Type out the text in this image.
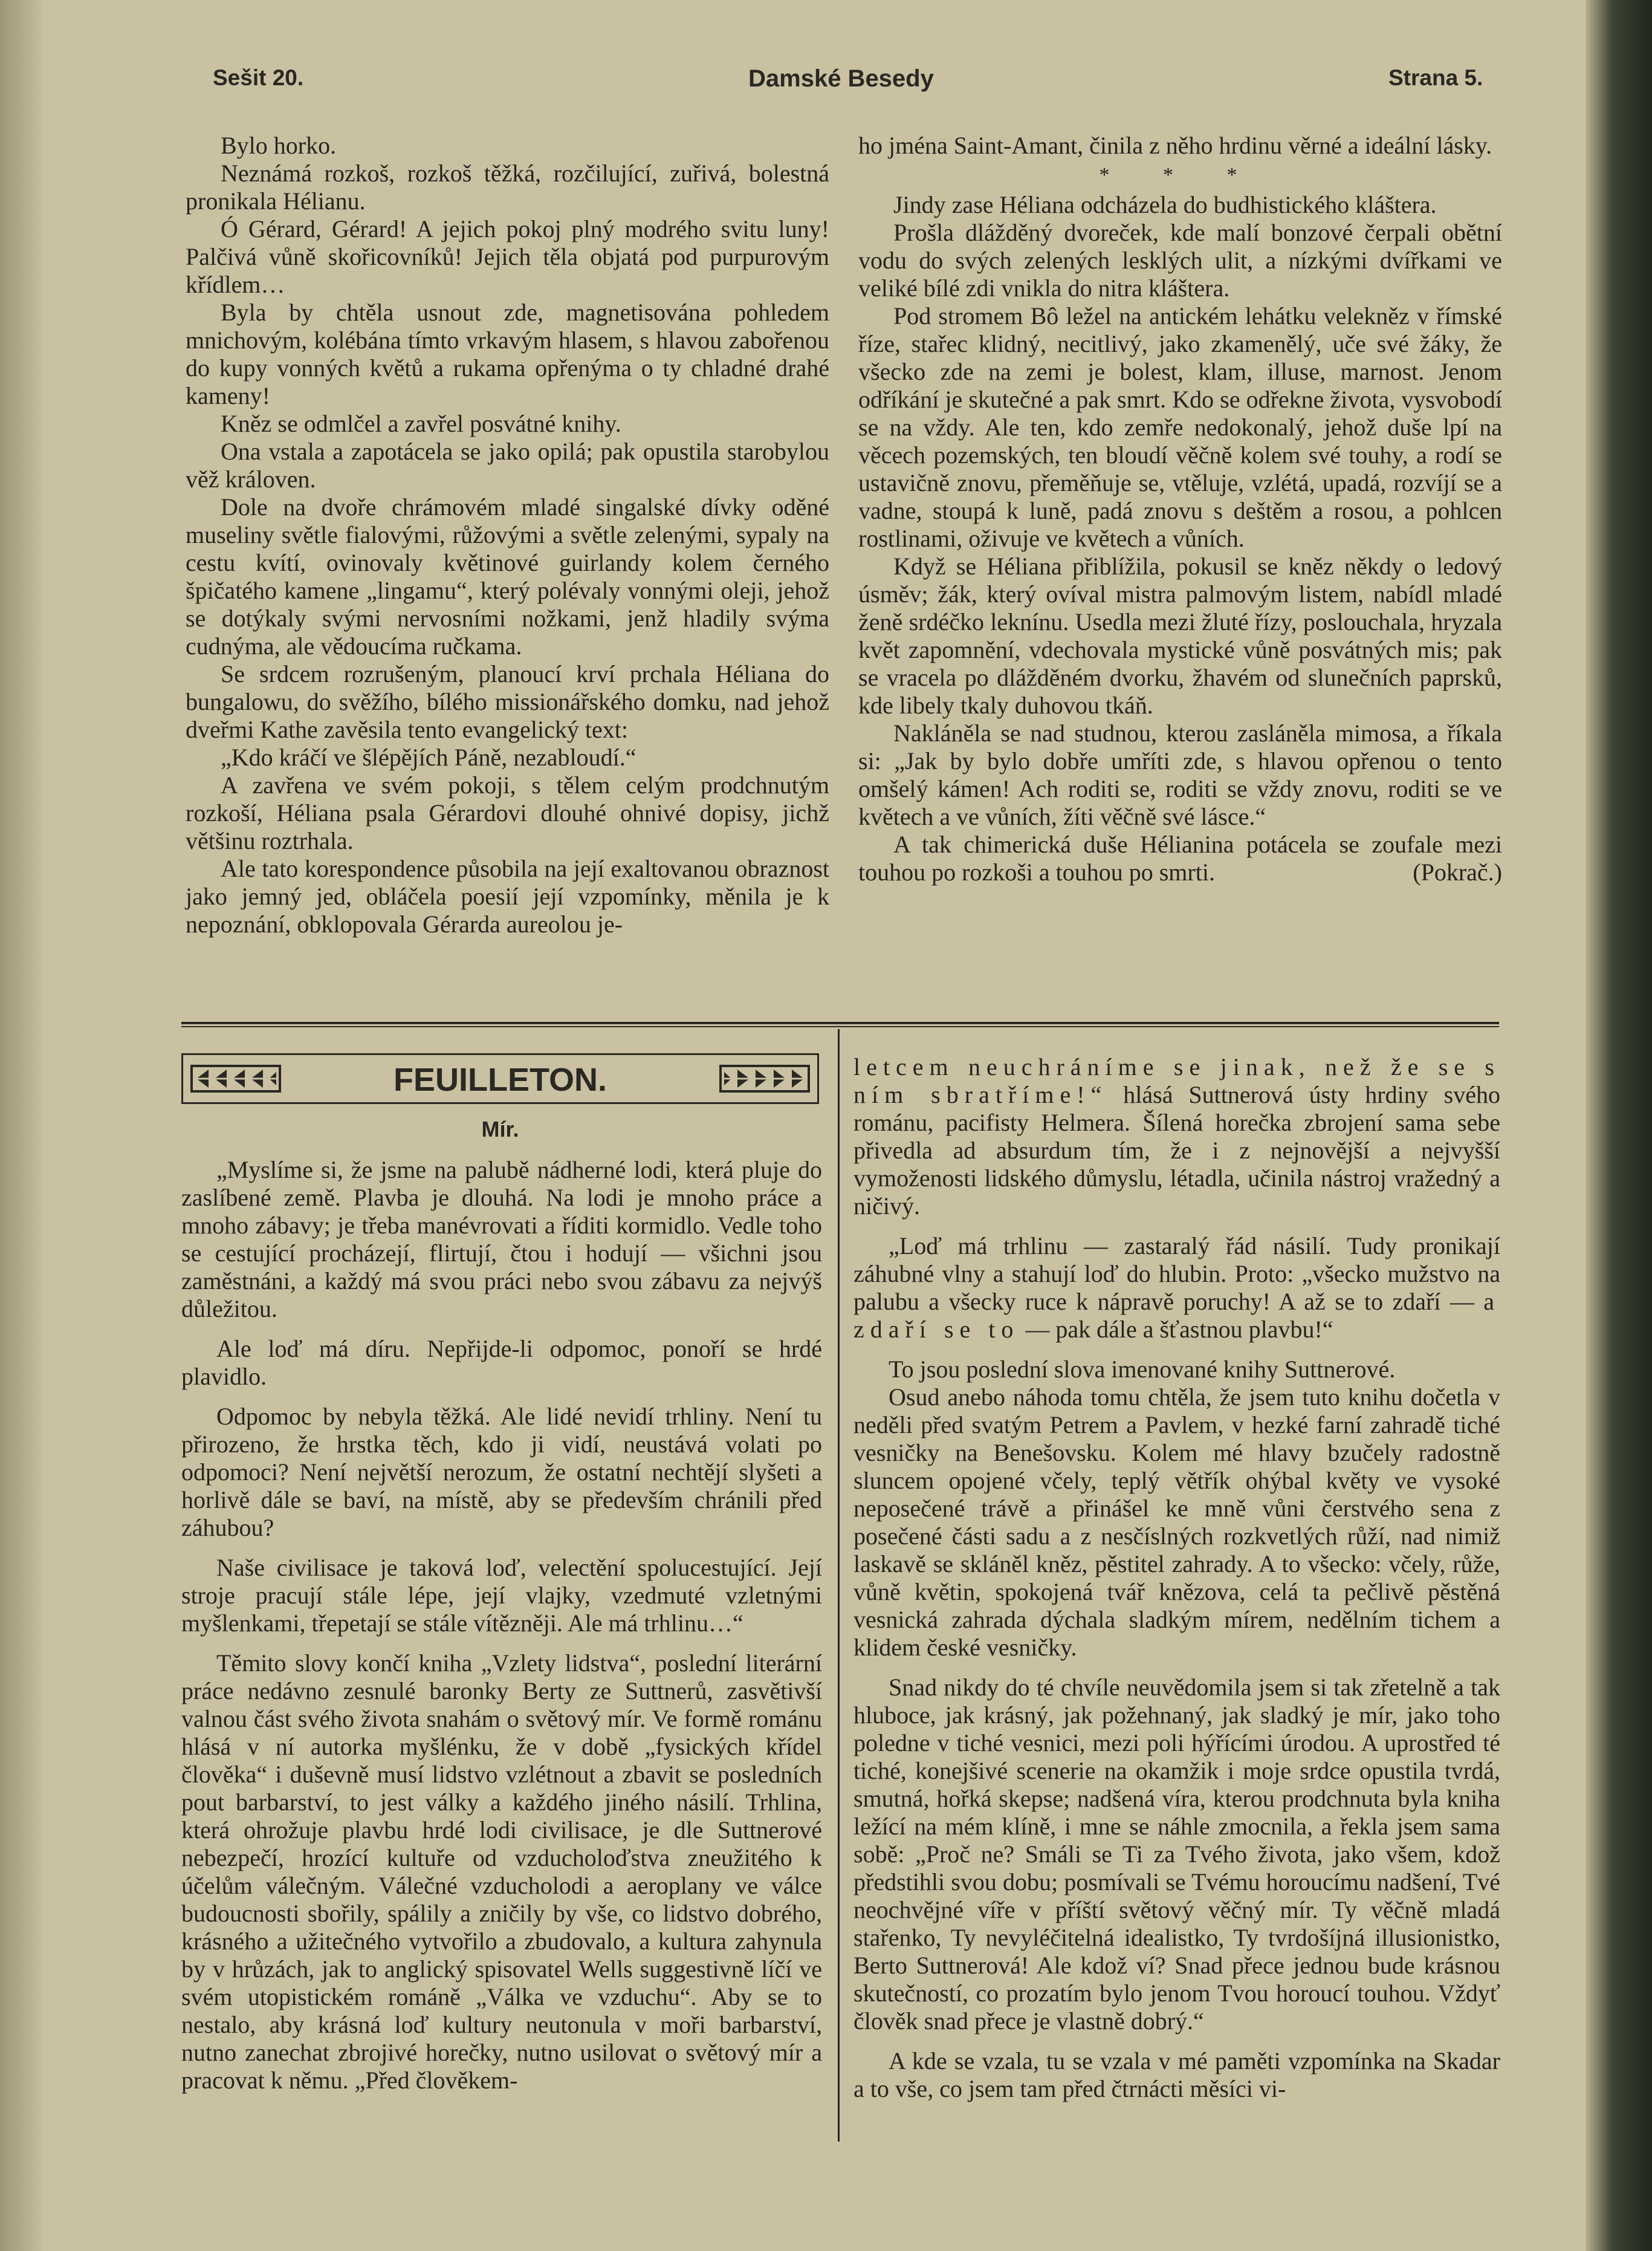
Sešit 20.	Damské Besedy	Strana 5.

Bylo horko.

Neznámá rozkoš, rozkoš těžká, rozčilující, zuřivá, bolestná pronikala Hélianu.

Ó Gérard, Gérard! A jejich pokoj plný modrého svitu luny! Palčivá vůně skořicovníků! Jejich těla objatá pod purpurovým křídlem…

Byla by chtěla usnout zde, magnetisována pohledem mnichovým, kolébána tímto vrkavým hlasem, s hlavou zabořenou do kupy vonných květů a rukama opřenýma o ty chladné drahé kameny!

Kněz se odmlčel a zavřel posvátné knihy.

Ona vstala a zapotácela se jako opilá; pak opustila starobylou věž královen.

Dole na dvoře chrámovém mladé singalské dívky oděné museliny světle fialovými, růžovými a světle zelenými, sypaly na cestu kvítí, ovinovaly květinové guirlandy kolem černého špičatého kamene „lingamu“, který polévaly vonnými oleji, jehož se dotýkaly svými nervosními nožkami, jenž hladily svýma cudnýma, ale vědoucíma ručkama.

Se srdcem rozrušeným, planoucí krví prchala Héliana do bungalowu, do svěžího, bílého missionářského domku, nad jehož dveřmi Kathe zavěsila tento evangelický text:

„Kdo kráčí ve šlépějích Páně, nezabloudí.“

A zavřena ve svém pokoji, s tělem celým prodchnutým rozkoší, Héliana psala Gérardovi dlouhé ohnivé dopisy, jichž většinu roztrhala.

Ale tato korespondence působila na její exaltovanou obraznost jako jemný jed, obláčela poesií její vzpomínky, měnila je k nepoznání, obklopovala Gérarda aureolou je-

ho jména Saint-Amant, činila z něho hrdinu věrné a ideální lásky.

* * *

Jindy zase Héliana odcházela do budhistického kláštera.

Prošla dlážděný dvoreček, kde malí bonzové čerpali obětní vodu do svých zelených lesklých ulit, a nízkými dvířkami ve veliké bílé zdi vnikla do nitra kláštera.

Pod stromem Bô ležel na antickém lehátku velekněz v římské říze, stařec klidný, necitlivý, jako zkamenělý, uče své žáky, že všecko zde na zemi je bolest, klam, illuse, marnost. Jenom odříkání je skutečné a pak smrt. Kdo se odřekne života, vysvobodí se na vždy. Ale ten, kdo zemře nedokonalý, jehož duše lpí na věcech pozemských, ten bloudí věčně kolem své touhy, a rodí se ustavičně znovu, přeměňuje se, vtěluje, vzlétá, upadá, rozvíjí se a vadne, stoupá k luně, padá znovu s deštěm a rosou, a pohlcen rostlinami, oživuje ve květech a vůních.

Když se Héliana přiblížila, pokusil se kněz někdy o ledový úsměv; žák, který ovíval mistra palmovým listem, nabídl mladé ženě srdéčko leknínu. Usedla mezi žluté řízy, poslouchala, hryzala květ zapomnění, vdechovala mystické vůně posvátných mis; pak se vracela po dlážděném dvorku, žhavém od slunečních paprsků, kde libely tkaly duhovou tkáň.

Nakláněla se nad studnou, kterou zasláněla mimosa, a říkala si: „Jak by bylo dobře umříti zde, s hlavou opřenou o tento omšelý kámen! Ach roditi se, roditi se vždy znovu, roditi se ve květech a ve vůních, žíti věčně své lásce.“

A tak chimerická duše Hélianina potácela se zoufale mezi touhou po rozkoši a touhou po smrti.	(Pokrač.)

FEUILLETON.
Mír.

„Myslíme si, že jsme na palubě nádherné lodi, která pluje do zaslíbené země. Plavba je dlouhá. Na lodi je mnoho práce a mnoho zábavy; je třeba manévrovati a říditi kormidlo. Vedle toho se cestující procházejí, flirtují, čtou i hodují — všichni jsou zaměstnáni, a každý má svou práci nebo svou zábavu za nejvýš důležitou.

Ale loď má díru. Nepřijde-li odpomoc, ponoří se hrdé plavidlo.

Odpomoc by nebyla těžká. Ale lidé nevidí trhliny. Není tu přirozeno, že hrstka těch, kdo ji vidí, neustává volati po odpomoci? Není největší nerozum, že ostatní nechtějí slyšeti a horlivě dále se baví, na místě, aby se především chránili před záhubou?

Naše civilisace je taková loď, velectění spolucestující. Její stroje pracují stále lépe, její vlajky, vzedmuté vzletnými myšlenkami, třepetají se stále vítězněji. Ale má trhlinu…“

Těmito slovy končí kniha „Vzlety lidstva“, poslední literární práce nedávno zesnulé baronky Berty ze Suttnerů, zasvětivší valnou část svého života snahám o světový mír. Ve formě románu hlásá v ní autorka myšlénku, že v době „fysických křídel člověka“ i duševně musí lidstvo vzlétnout a zbavit se posledních pout barbarství, to jest války a každého jiného násilí. Trhlina, která ohrožuje plavbu hrdé lodi civilisace, je dle Suttnerové nebezpečí, hrozící kultuře od vzducholoďstva zneužitého k účelům válečným. Válečné vzducholodi a aeroplany ve válce budoucnosti sbořily, spálily a zničily by vše, co lidstvo dobrého, krásného a užitečného vytvořilo a zbudovalo, a kultura zahynula by v hrůzách, jak to anglický spisovatel Wells suggestivně líčí ve svém utopistickém románě „Válka ve vzduchu“. Aby se to nestalo, aby krásná loď kultury neutonula v moři barbarství, nutno zanechat zbrojivé horečky, nutno usilovat o světový mír a pracovat k němu. „Před člověkem-

letcem neuchráníme se jinak, než že se s ním sbratříme!“ hlásá Suttnerová ústy hrdiny svého románu, pacifisty Helmera. Šílená horečka zbrojení sama sebe přivedla ad absurdum tím, že i z nejnovější a nejvyšší vymoženosti lidského důmyslu, létadla, učinila nástroj vražedný a ničivý.

„Loď má trhlinu — zastaralý řád násilí. Tudy pronikají záhubné vlny a stahují loď do hlubin. Proto: „všecko mužstvo na palubu a všecky ruce k nápravě poruchy! A až se to zdaří — a zdaří se to — pak dále a šťastnou plavbu!“

To jsou poslední slova imenované knihy Suttnerové.

Osud anebo náhoda tomu chtěla, že jsem tuto knihu dočetla v neděli před svatým Petrem a Pavlem, v hezké farní zahradě tiché vesničky na Benešovsku. Kolem mé hlavy bzučely radostně sluncem opojené včely, teplý větřík ohýbal květy ve vysoké neposečené trávě a přinášel ke mně vůni čerstvého sena z posečené části sadu a z nesčíslných rozkvetlých růží, nad nimiž laskavě se skláněl kněz, pěstitel zahrady. A to všecko: včely, růže, vůně květin, spokojená tvář knězova, celá ta pečlivě pěstěná vesnická zahrada dýchala sladkým mírem, nedělním tichem a klidem české vesničky.

Snad nikdy do té chvíle neuvědomila jsem si tak zřetelně a tak hluboce, jak krásný, jak požehnaný, jak sladký je mír, jako toho poledne v tiché vesnici, mezi poli hýřícími úrodou. A uprostřed té tiché, konejšivé scenerie na okamžik i moje srdce opustila tvrdá, smutná, hořká skepse; nadšená víra, kterou prodchnuta byla kniha ležící na mém klíně, i mne se náhle zmocnila, a řekla jsem sama sobě: „Proč ne? Smáli se Ti za Tvého života, jako všem, kdož předstihli svou dobu; posmívali se Tvému horoucímu nadšení, Tvé neochvějné víře v příští světový věčný mír. Ty věčně mladá stařenko, Ty nevyléčitelná idealistko, Ty tvrdošíjná illusionistko, Berto Suttnerová! Ale kdož ví? Snad přece jednou bude krásnou skutečností, co prozatím bylo jenom Tvou horoucí touhou. Vždyť člověk snad přece je vlastně dobrý.“

A kde se vzala, tu se vzala v mé paměti vzpomínka na Skadar a to vše, co jsem tam před čtrnácti měsíci vi-
